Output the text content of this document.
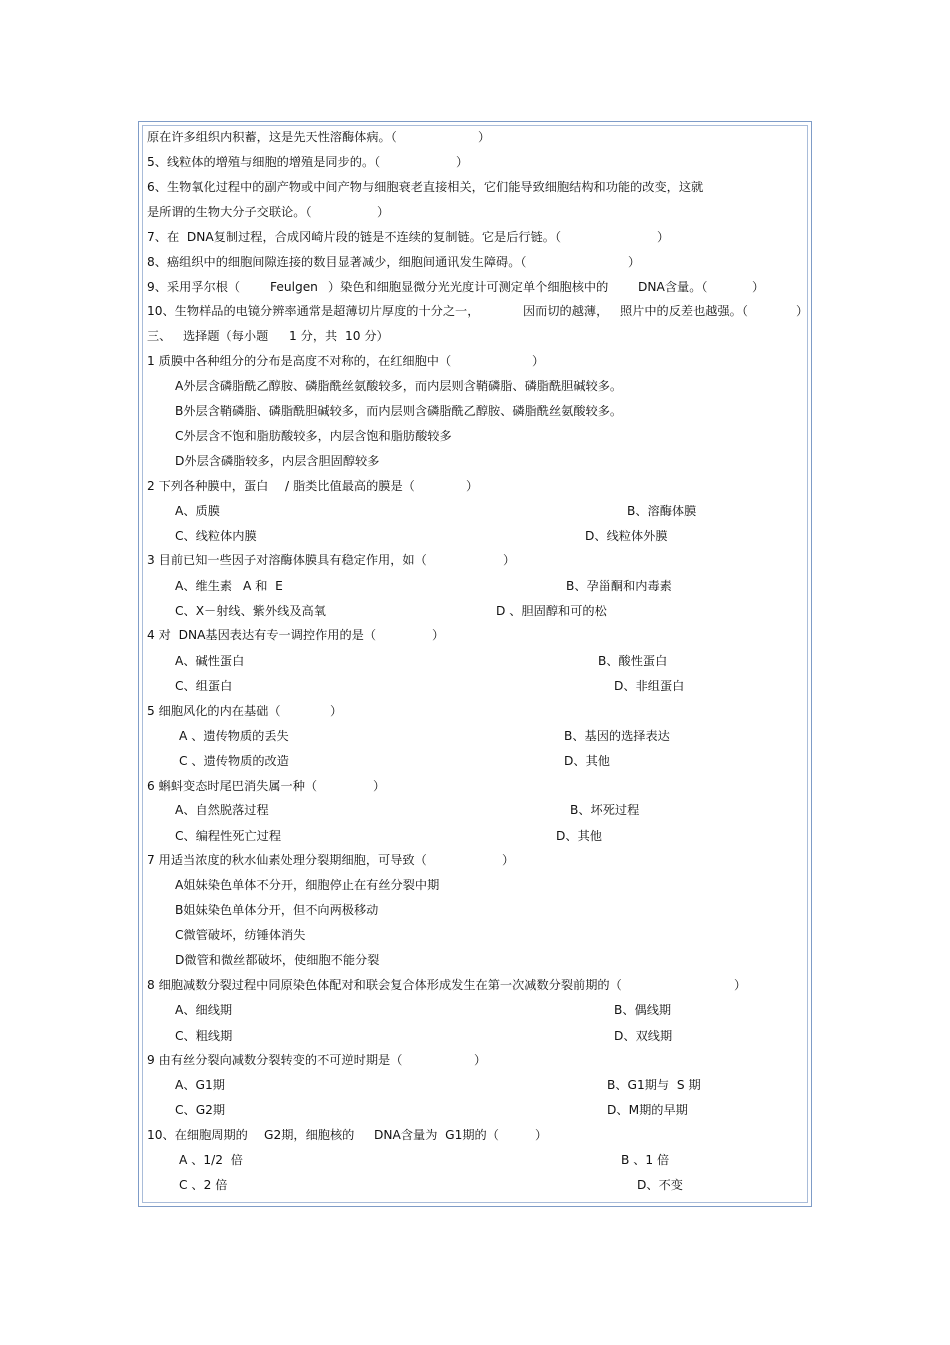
原在许多组织内积蓄，这是先天性溶酶体病。（	）
5、线粒体的增殖与细胞的增殖是同步的。（	）
6、生物氧化过程中的副产物或中间产物与细胞衰老直接相关，它们能导致细胞结构和功能的改变，这就
是所谓的生物大分子交联论。（	）
7、在  DNA复制过程，合成冈崎片段的链是不连续的复制链。它是后行链。（	）
8、癌组织中的细胞间隙连接的数目显著减少，细胞间通讯发生障碍。（	）
9、采用孚尔根（ Feulgen ）染色和细胞显微分光光度计可测定单个细胞核中的 DNA含量。（	）
10、生物样品的电镜分辨率通常是超薄切片厚度的十分之一，	因而切的越薄， 照片中的反差也越强。（	）
三、 选择题（每小题 1 分，共  10 分）
1 质膜中各种组分的分布是高度不对称的，在红细胞中（	）
A外层含磷脂酰乙醇胺、磷脂酰丝氨酸较多，而内层则含鞘磷脂、磷脂酰胆碱较多。
B外层含鞘磷脂、磷脂酰胆碱较多，而内层则含磷脂酰乙醇胺、磷脂酰丝氨酸较多。
C外层含不饱和脂肪酸较多，内层含饱和脂肪酸较多
D外层含磷脂较多，内层含胆固醇较多
2 下列各种膜中，蛋白 / 脂类比值最高的膜是（	）
A、质膜	B、溶酶体膜
C、线粒体内膜	D、线粒体外膜
3 目前已知一些因子对溶酶体膜具有稳定作用，如（	）
A、维生素 A 和  E	B、孕甾酮和内毒素
C、X－射线、紫外线及高氧	D 、胆固醇和可的松
4 对  DNA基因表达有专一调控作用的是（	）
A、碱性蛋白	B、酸性蛋白
C、组蛋白	D、非组蛋白
5 细胞风化的内在基础（	）
A 、遗传物质的丢失	B、基因的选择表达
C 、遗传物质的改造	D、其他
6 蝌蚪变态时尾巴消失属一种（	）
A、自然脱落过程	B、坏死过程
C、编程性死亡过程	D、其他
7 用适当浓度的秋水仙素处理分裂期细胞，可导致（	）
A姐妹染色单体不分开，细胞停止在有丝分裂中期
B姐妹染色单体分开，但不向两极移动
C微管破坏，纺锤体消失
D微管和微丝都破坏，使细胞不能分裂
8 细胞减数分裂过程中同原染色体配对和联会复合体形成发生在第一次减数分裂前期的（	）
A、细线期	B、偶线期
C、粗线期	D、双线期
9 由有丝分裂向减数分裂转变的不可逆时期是（	）
A、G1期	B、G1期与  S 期
C、G2期	D、M期的早期
10、在细胞周期的 G2期，细胞核的 DNA含量为  G1期的（	）
A 、1/2  倍	B 、1 倍
C 、2 倍	D、不变
